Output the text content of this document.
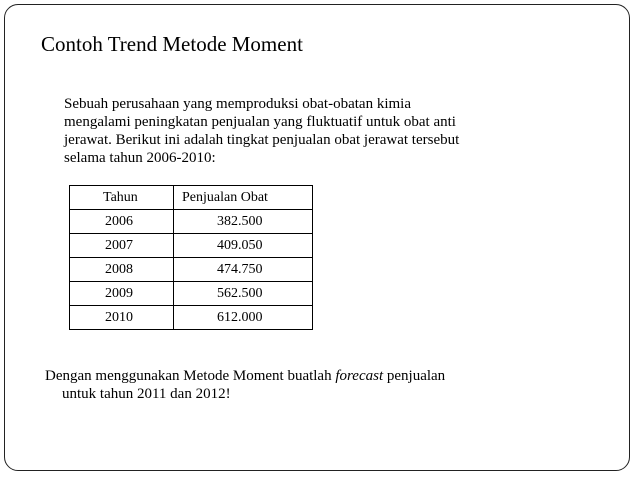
Contoh Trend Metode Moment
Sebuah perusahaan yang memproduksi obat-obatan kimia
mengalami peningkatan penjualan yang fluktuatif untuk obat anti
jerawat. Berikut ini adalah tingkat penjualan obat jerawat tersebut
selama tahun 2006-2010:
Tahun	Penjualan Obat
2006	382.500
2007	409.050
2008	474.750
2009	562.500
2010	612.000
Dengan menggunakan Metode Moment buatlah forecast penjualan
untuk tahun 2011 dan 2012!
